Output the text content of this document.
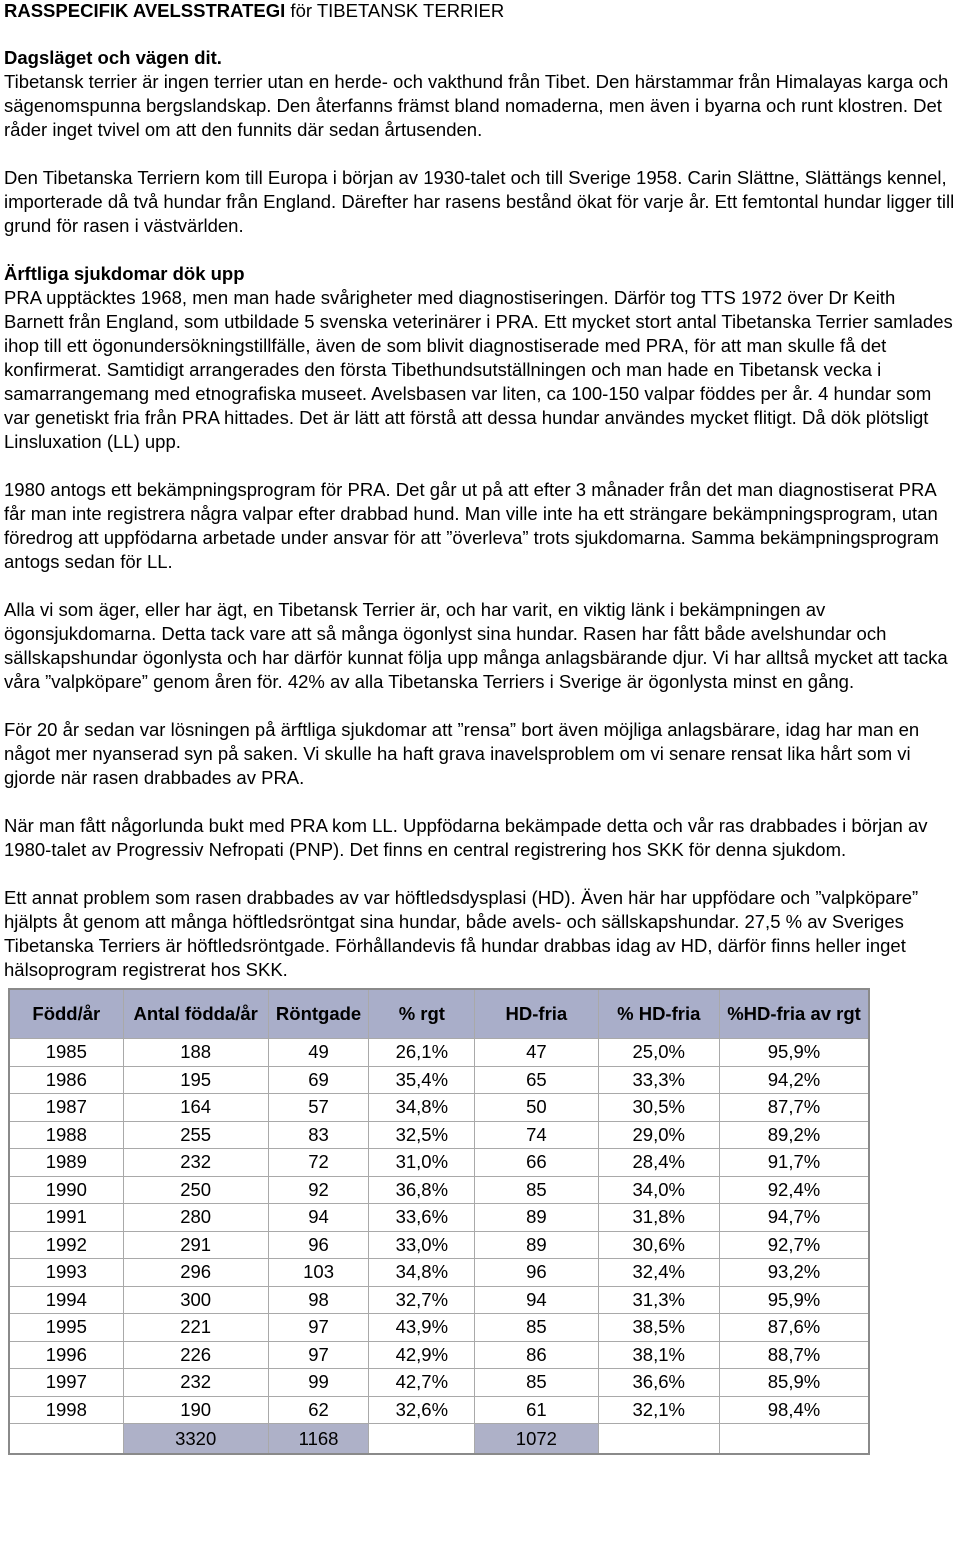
RASSPECIFIK AVELSSTRATEGI för TIBETANSK TERRIER

Dagsläget och vägen dit.

Tibetansk terrier är ingen terrier utan en herde- och vakthund från Tibet. Den härstammar från Himalayas karga och sägenomspunna bergslandskap. Den återfanns främst bland nomaderna, men även i byarna och runt klostren. Det råder inget tvivel om att den funnits där sedan årtusenden.

Den Tibetanska Terriern kom till Europa i början av 1930-talet och till Sverige 1958. Carin Slättne, Slättängs kennel, importerade då två hundar från England. Därefter har rasens bestånd ökat för varje år. Ett femtontal hundar ligger till grund för rasen i västvärlden.

Ärftliga sjukdomar dök upp

PRA upptäcktes 1968, men man hade svårigheter med diagnostiseringen. Därför tog TTS 1972 över Dr Keith Barnett från England, som utbildade 5 svenska veterinärer i PRA. Ett mycket stort antal Tibetanska Terrier samlades ihop till ett ögonundersökningstillfälle, även de som blivit diagnostiserade med PRA, för att man skulle få det konfirmerat. Samtidigt arrangerades den första Tibethundsutställningen och man hade en Tibetansk vecka i samarrangemang med etnografiska museet. Avelsbasen var liten, ca 100-150 valpar föddes per år. 4 hundar som var genetiskt fria från PRA hittades. Det är lätt att förstå att dessa hundar användes mycket flitigt. Då dök plötsligt Linsluxation (LL) upp.

1980 antogs ett bekämpningsprogram för PRA. Det går ut på att efter 3 månader från det man diagnostiserat PRA får man inte registrera några valpar efter drabbad hund. Man ville inte ha ett strängare bekämpningsprogram, utan föredrog att uppfödarna arbetade under ansvar för att ”överleva” trots sjukdomarna. Samma bekämpningsprogram antogs sedan för LL.

Alla vi som äger, eller har ägt, en Tibetansk Terrier är, och har varit, en viktig länk i bekämpningen av ögonsjukdomarna. Detta tack vare att så många ögonlyst sina hundar. Rasen har fått både avelshundar och sällskapshundar ögonlysta och har därför kunnat följa upp många anlagsbärande djur. Vi har alltså mycket att tacka våra ”valpköpare” genom åren för. 42% av alla Tibetanska Terriers i Sverige är ögonlysta minst en gång.

För 20 år sedan var lösningen på ärftliga sjukdomar att ”rensa” bort även möjliga anlagsbärare, idag har man en något mer nyanserad syn på saken. Vi skulle ha haft grava inavelsproblem om vi senare rensat lika hårt som vi gjorde när rasen drabbades av PRA.

När man fått någorlunda bukt med PRA kom LL. Uppfödarna bekämpade detta och vår ras drabbades i början av 1980-talet av Progressiv Nefropati (PNP). Det finns en central registrering hos SKK för denna sjukdom.

Ett annat problem som rasen drabbades av var höftledsdysplasi (HD). Även här har uppfödare och ”valpköpare” hjälpts åt genom att många höftledsröntgat sina hundar, både avels- och sällskapshundar. 27,5 % av Sveriges Tibetanska Terriers är höftledsröntgade. Förhållandevis få hundar drabbas idag av HD, därför finns heller inget hälsoprogram registrerat hos SKK.

Född/år	Antal födda/år	Röntgade	% rgt	HD-fria	% HD-fria	%HD-fria av rgt
1985	188	49	26,1%	47	25,0%	95,9%
1986	195	69	35,4%	65	33,3%	94,2%
1987	164	57	34,8%	50	30,5%	87,7%
1988	255	83	32,5%	74	29,0%	89,2%
1989	232	72	31,0%	66	28,4%	91,7%
1990	250	92	36,8%	85	34,0%	92,4%
1991	280	94	33,6%	89	31,8%	94,7%
1992	291	96	33,0%	89	30,6%	92,7%
1993	296	103	34,8%	96	32,4%	93,2%
1994	300	98	32,7%	94	31,3%	95,9%
1995	221	97	43,9%	85	38,5%	87,6%
1996	226	97	42,9%	86	38,1%	88,7%
1997	232	99	42,7%	85	36,6%	85,9%
1998	190	62	32,6%	61	32,1%	98,4%
	3320	1168		1072		
